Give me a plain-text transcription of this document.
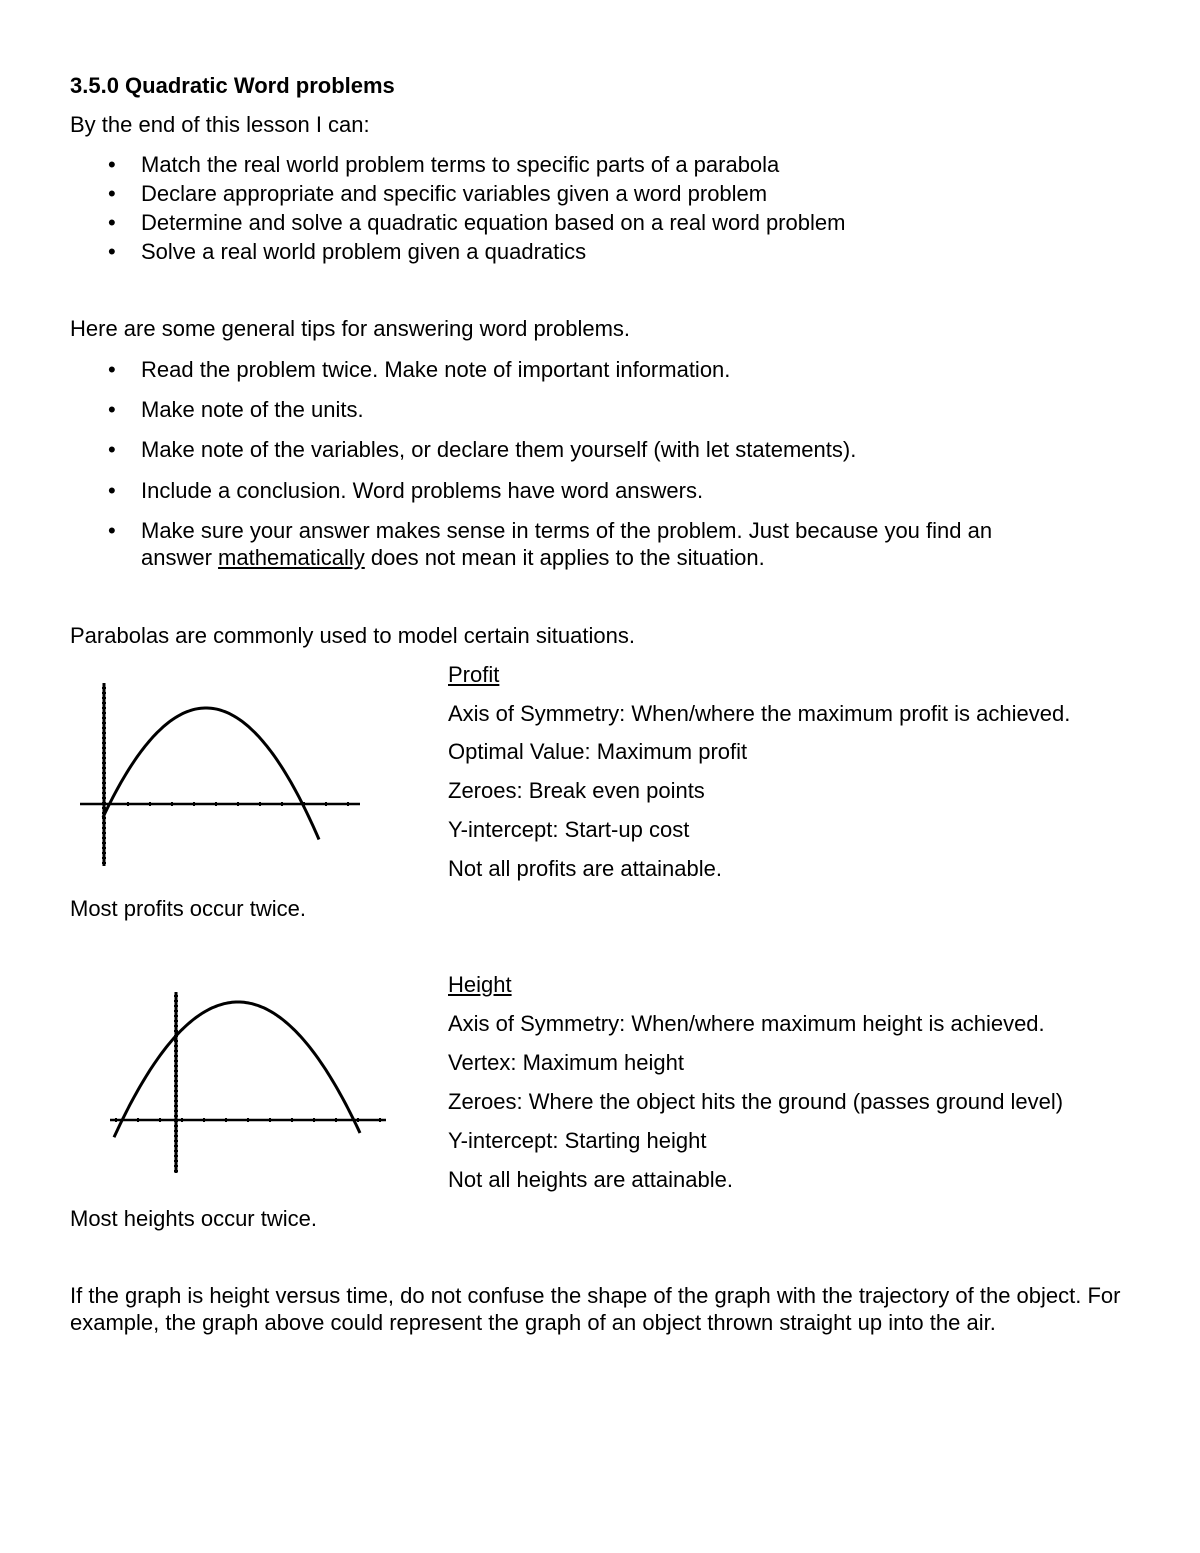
3.5.0 Quadratic Word problems

By the end of this lesson I can:

• Match the real world problem terms to specific parts of a parabola
• Declare appropriate and specific variables given a word problem
• Determine and solve a quadratic equation based on a real word problem
• Solve a real world problem given a quadratics

Here are some general tips for answering word problems.

• Read the problem twice. Make note of important information.
• Make note of the units.
• Make note of the variables, or declare them yourself (with let statements).
• Include a conclusion. Word problems have word answers.
• Make sure your answer makes sense in terms of the problem. Just because you find an answer mathematically does not mean it applies to the situation.

Parabolas are commonly used to model certain situations.

Profit

Axis of Symmetry: When/where the maximum profit is achieved.

Optimal Value: Maximum profit

Zeroes: Break even points

Y-intercept: Start-up cost

Not all profits are attainable.

Most profits occur twice.

Height

Axis of Symmetry: When/where maximum height is achieved.

Vertex: Maximum height

Zeroes: Where the object hits the ground (passes ground level)

Y-intercept: Starting height

Not all heights are attainable.

Most heights occur twice.

If the graph is height versus time, do not confuse the shape of the graph with the trajectory of the object. For example, the graph above could represent the graph of an object thrown straight up into the air.
